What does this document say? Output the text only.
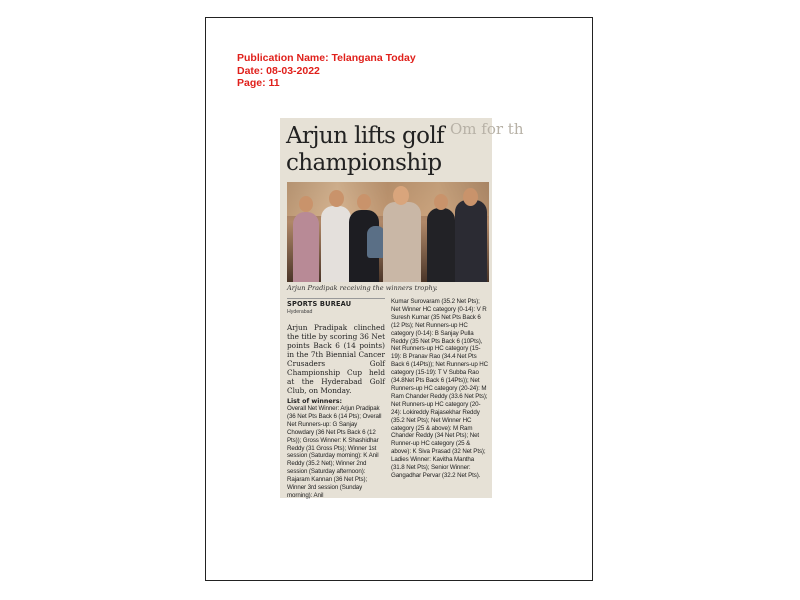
Publication Name: Telangana Today
Date: 08-03-2022
Page: 11
Om for th
Arjun lifts golf championship
Arjun Pradipak receiving the winners trophy.
SPORTS BUREAU
Hyderabad
Arjun Pradipak clinched the title by scoring 36 Net points Back 6 (14 points) in the 7th Biennial Cancer Crusaders Golf Championship Cup held at the Hyderabad Golf Club, on Monday.
List of winners:
Overall Net Winner: Arjun Pradipak (36 Net Pts Back 6 (14 Pts); Overall Net Runners-up: G Sanjay Chowdary (36 Net Pts Back 6 (12 Pts)); Gross Winner: K Shashidhar Reddy (31 Gross Pts); Winner 1st session (Saturday morning): K Anil Reddy (35.2 Net); Winner 2nd session (Saturday afternoon): Rajaram Kannan (36 Net Pts); Winner 3rd session (Sunday morning): Anil
Kumar Surovaram (35.2 Net Pts); Net Winner HC category (0-14): V R Suresh Kumar (35 Net Pts Back 6 (12 Pts); Net Runners-up HC category (0-14): B Sanjay Pulla Reddy (35 Net Pts Back 6 (10Pts), Net Runners-up HC category (15-19): B Pranav Rao (34.4 Net Pts Back 6 (14Pts)); Net Runners-up HC category (15-19): T V Subba Rao (34.8Net Pts Back 6 (14Pts)); Net Runners-up HC category (20-24): M Ram Chander Reddy (33.6 Net Pts); Net Runners-up HC category (20-24): Lokireddy Rajasekhar Reddy (35.2 Net Pts); Net Winner HC category (25 & above): M Ram Chander Reddy (34 Net Pts); Net Runner-up HC category (25 & above): K Siva Prasad (32 Net Pts); Ladies Winner: Kavitha Mantha (31.8 Net Pts); Senior Winner: Gangadhar Pervar (32.2 Net Pts).
